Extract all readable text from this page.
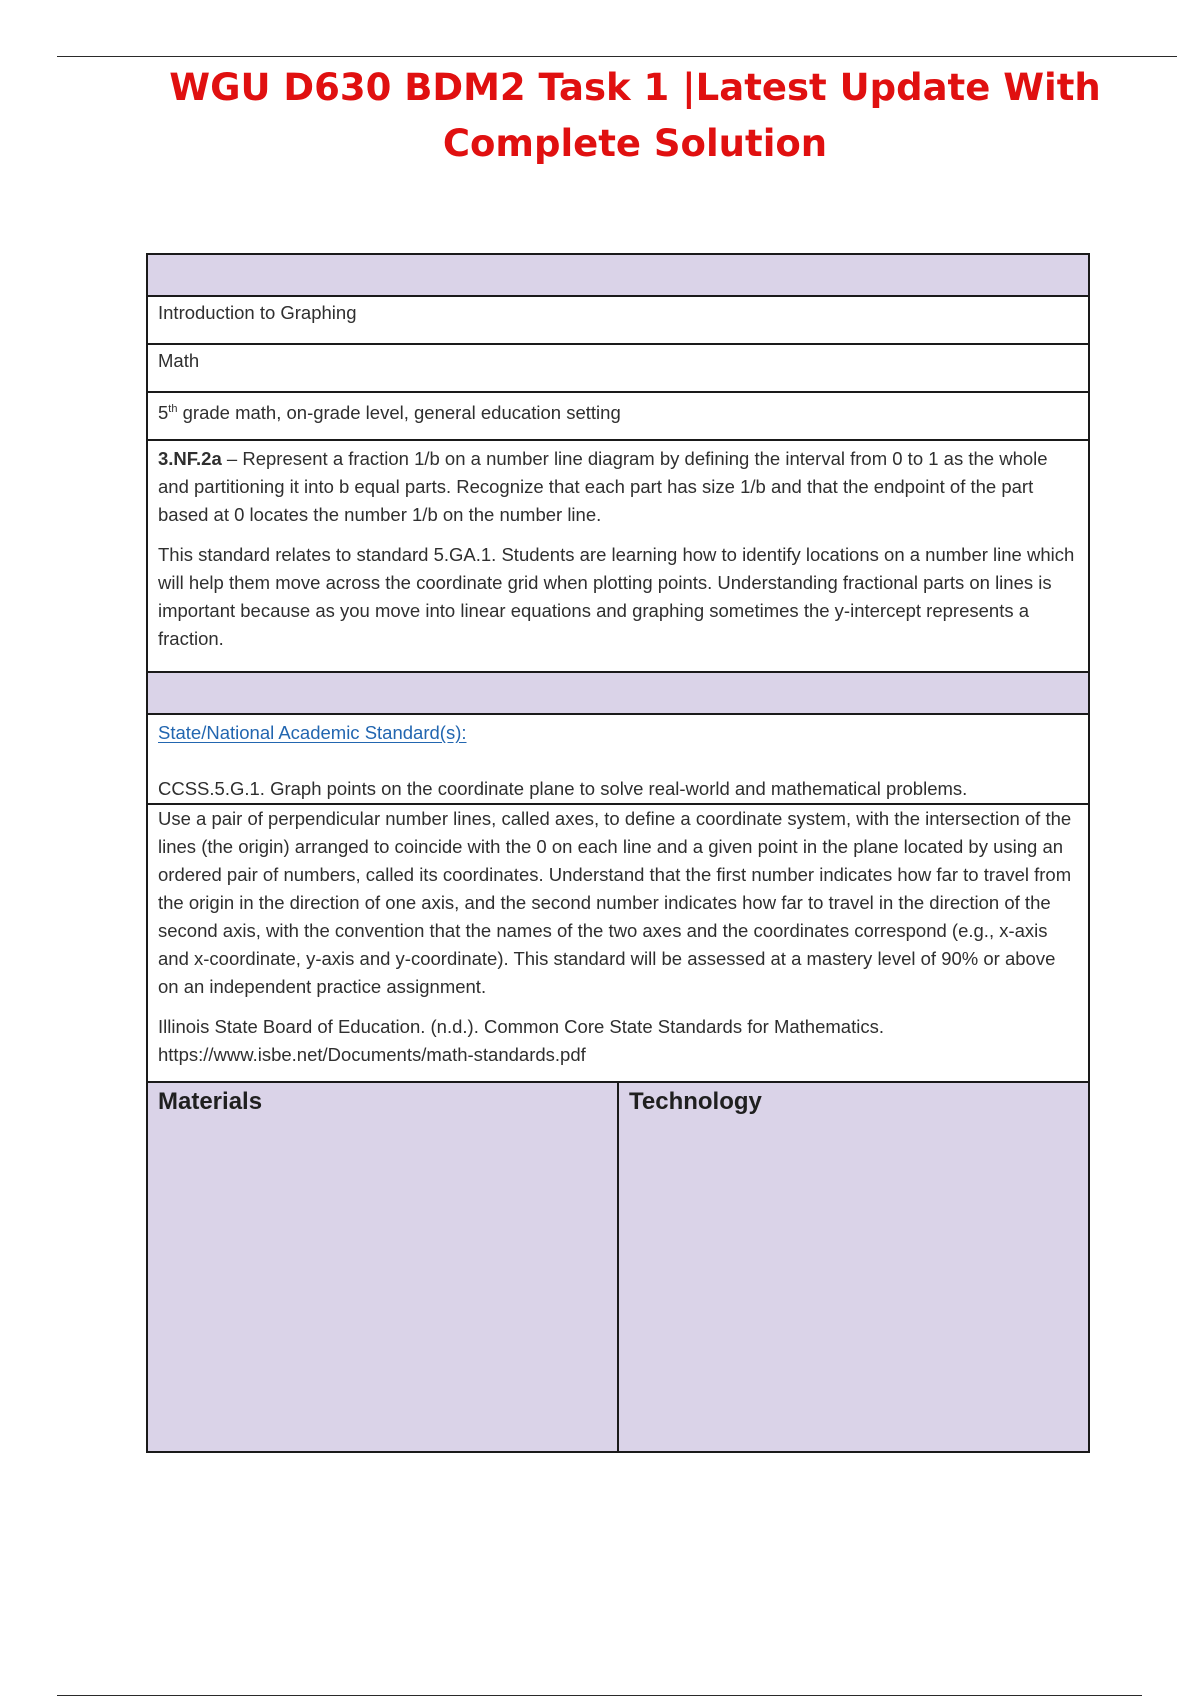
WGU D630 BDM2 Task 1 |Latest Update With
Complete Solution

Introduction to Graphing
Math
5th grade math, on-grade level, general education setting

3.NF.2a – Represent a fraction 1/b on a number line diagram by defining the interval from 0 to 1 as the whole and partitioning it into b equal parts. Recognize that each part has size 1/b and that the endpoint of the part based at 0 locates the number 1/b on the number line.

This standard relates to standard 5.GA.1. Students are learning how to identify locations on a number line which will help them move across the coordinate grid when plotting points. Understanding fractional parts on lines is important because as you move into linear equations and graphing sometimes the y-intercept represents a fraction.

State/National Academic Standard(s):

CCSS.5.G.1. Graph points on the coordinate plane to solve real-world and mathematical problems.

Use a pair of perpendicular number lines, called axes, to define a coordinate system, with the intersection of the lines (the origin) arranged to coincide with the 0 on each line and a given point in the plane located by using an ordered pair of numbers, called its coordinates. Understand that the first number indicates how far to travel from the origin in the direction of one axis, and the second number indicates how far to travel in the direction of the second axis, with the convention that the names of the two axes and the coordinates correspond (e.g., x-axis and x-coordinate, y-axis and y-coordinate). This standard will be assessed at a mastery level of 90% or above on an independent practice assignment.

Illinois State Board of Education. (n.d.). Common Core State Standards for Mathematics.
https://www.isbe.net/Documents/math-standards.pdf

Materials	Technology
